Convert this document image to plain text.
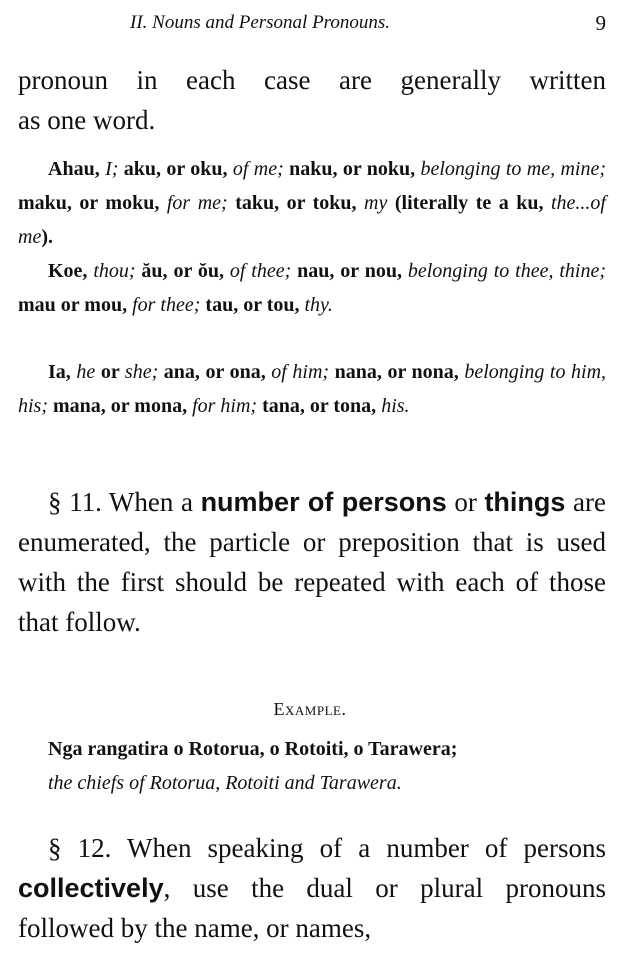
II. Nouns and Personal Pronouns.	9
pronoun in each case are generally written
as one word.
Ahau, I; aku, or oku, of me; naku, or noku, belonging to me, mine; maku, or moku, for me; taku, or toku, my (literally te a ku, the...of me).
Koe, thou; ău, or ŏu, of thee; nau, or nou, belonging to thee, thine; mau or mou, for thee; tau, or tou, thy.
Ia, he or she; ana, or ona, of him; nana, or nona, belonging to him, his; mana, or mona, for him; tana, or tona, his.
§ 11. When a number of persons or things are enumerated, the particle or preposition that is used with the first should be repeated with each of those that follow.
Example.
Nga rangatira o Rotorua, o Rotoiti, o Tarawera;
the chiefs of Rotorua, Rotoiti and Tarawera.
§ 12. When speaking of a number of persons collectively, use the dual or plural pronouns followed by the name, or names,
